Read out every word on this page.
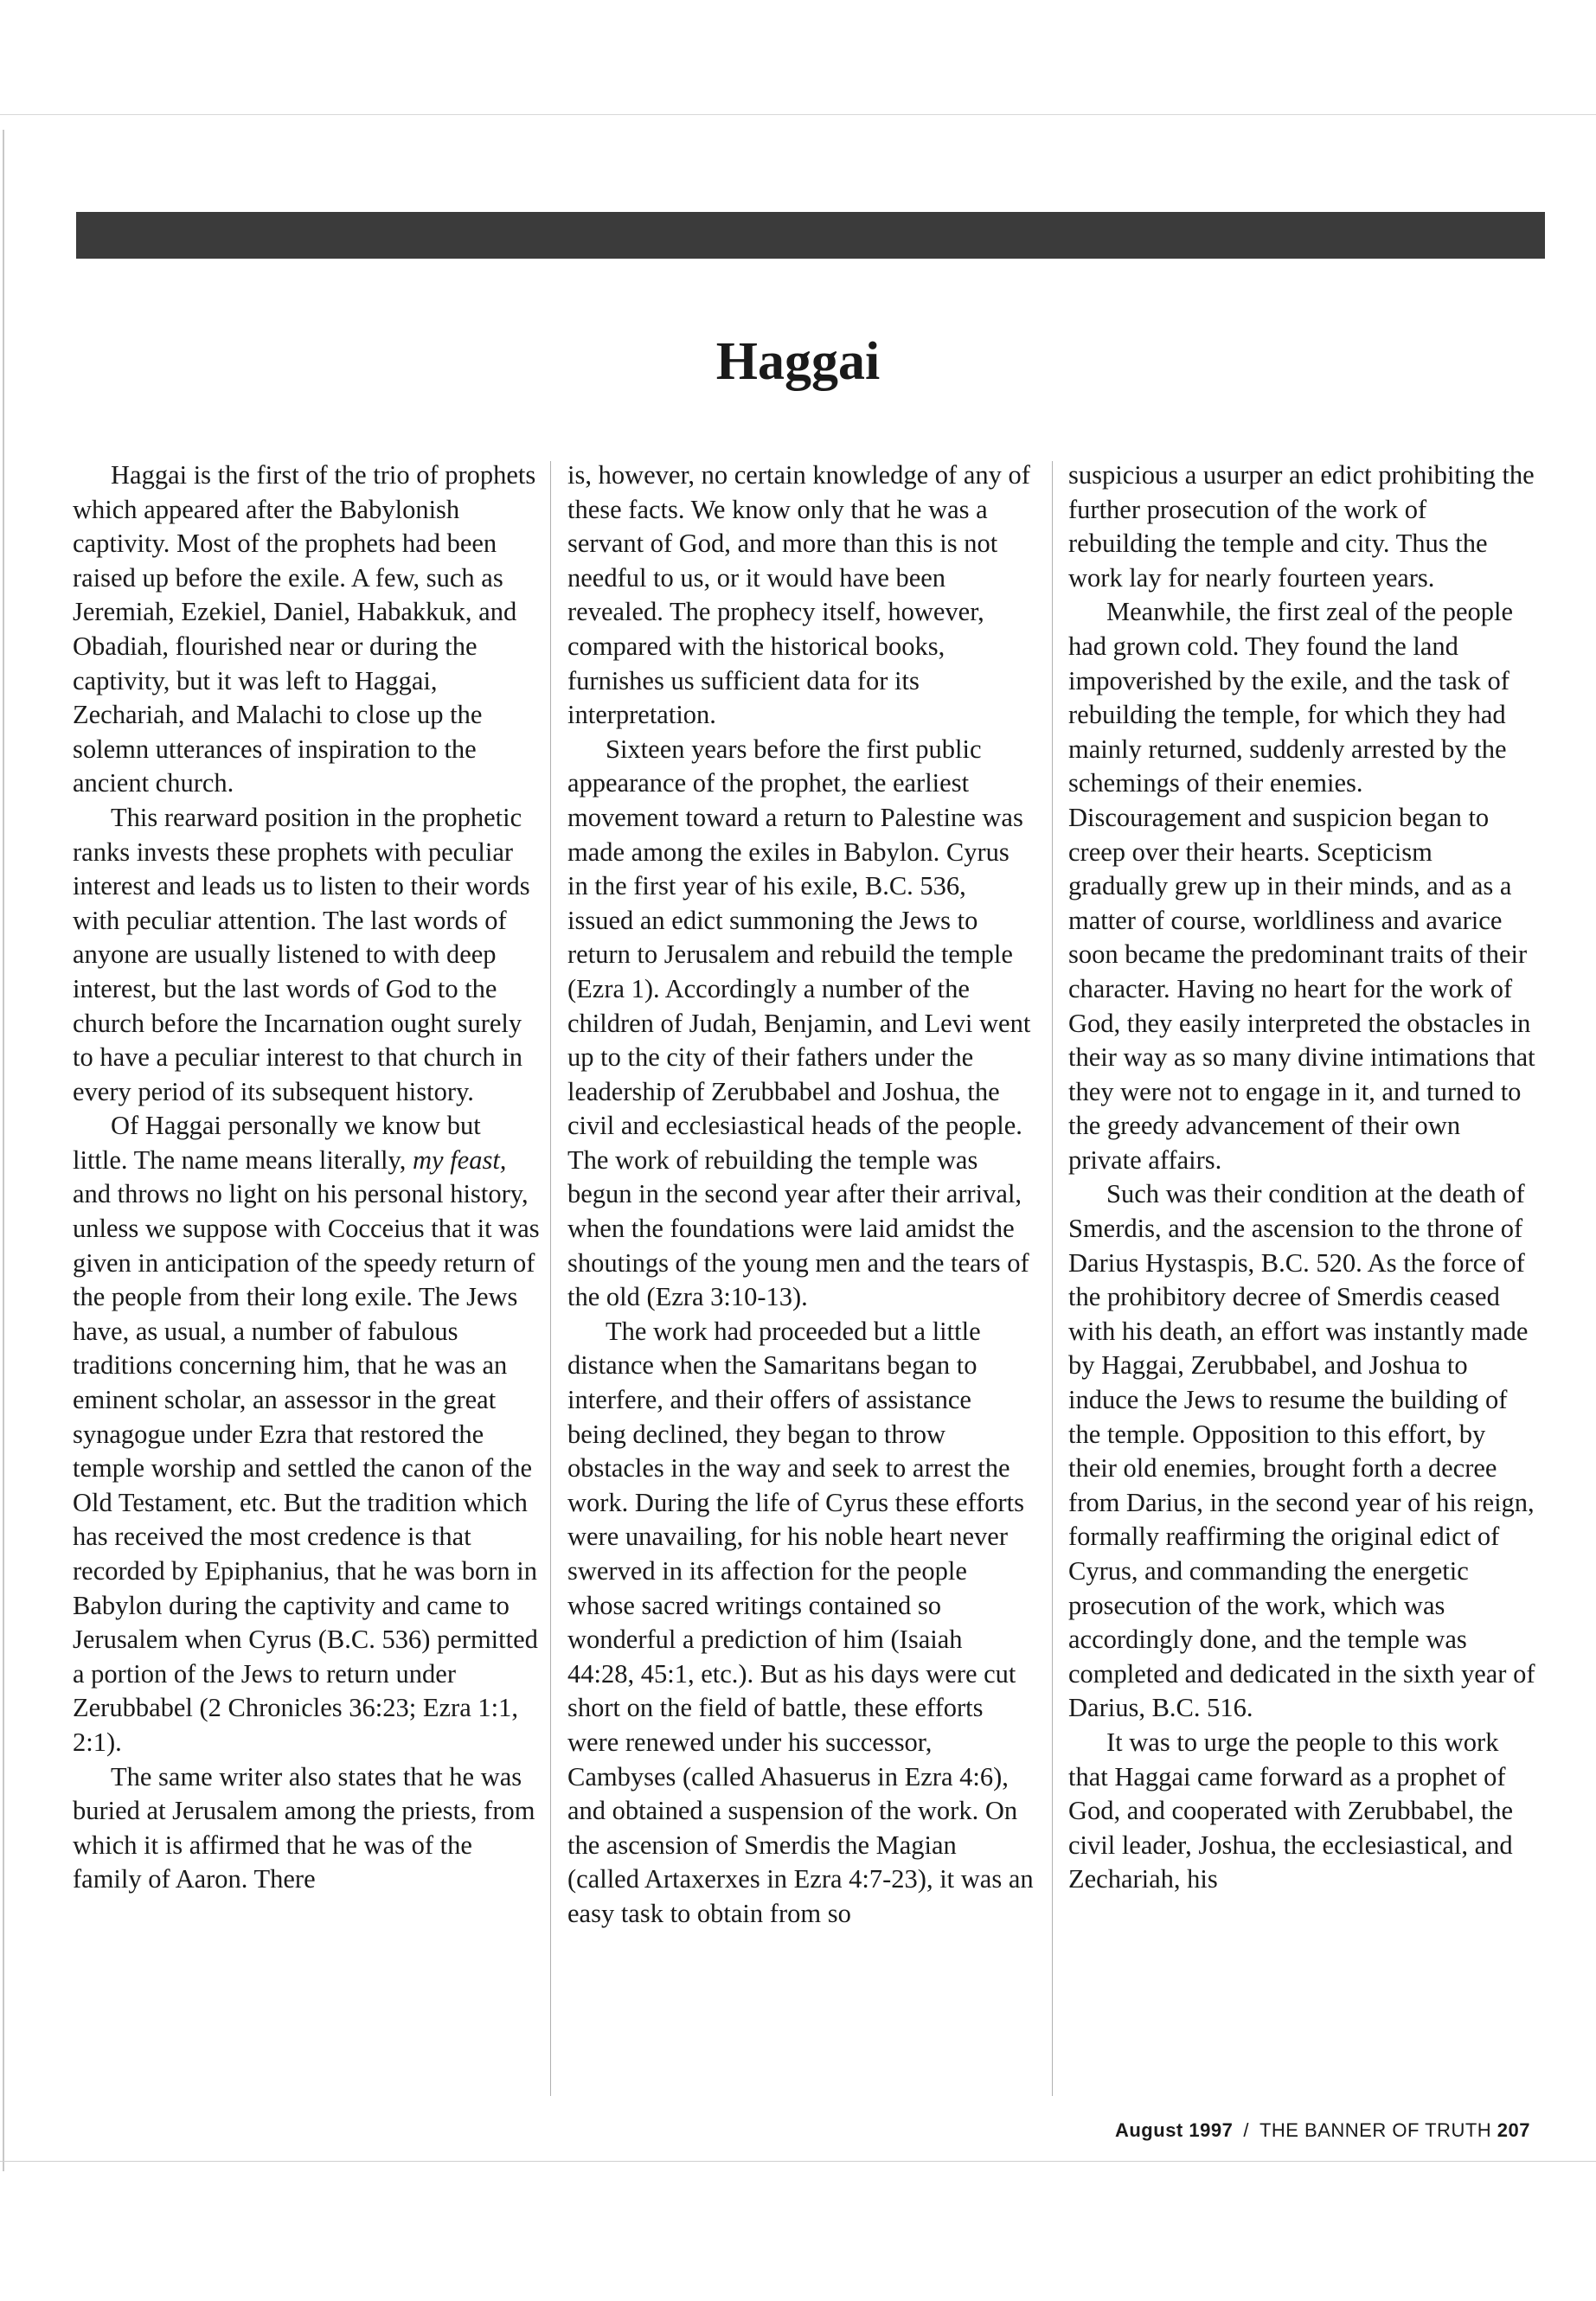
Haggai

Haggai is the first of the trio of prophets which appeared after the Babylonish captivity. Most of the prophets had been raised up before the exile. A few, such as Jeremiah, Ezekiel, Daniel, Habakkuk, and Obadiah, flourished near or during the captivity, but it was left to Haggai, Zechariah, and Malachi to close up the solemn utterances of inspiration to the ancient church.

This rearward position in the prophetic ranks invests these prophets with peculiar interest and leads us to listen to their words with peculiar attention. The last words of anyone are usually listened to with deep interest, but the last words of God to the church before the Incarnation ought surely to have a peculiar interest to that church in every period of its subsequent history.

Of Haggai personally we know but little. The name means literally, my feast, and throws no light on his personal history, unless we suppose with Cocceius that it was given in anticipation of the speedy return of the people from their long exile. The Jews have, as usual, a number of fabulous traditions concerning him, that he was an eminent scholar, an assessor in the great synagogue under Ezra that restored the temple worship and settled the canon of the Old Testament, etc. But the tradition which has received the most credence is that recorded by Epiphanius, that he was born in Babylon during the captivity and came to Jerusalem when Cyrus (B.C. 536) permitted a portion of the Jews to return under Zerubbabel (2 Chronicles 36:23; Ezra 1:1, 2:1).

The same writer also states that he was buried at Jerusalem among the priests, from which it is affirmed that he was of the family of Aaron. There

is, however, no certain knowledge of any of these facts. We know only that he was a servant of God, and more than this is not needful to us, or it would have been revealed. The prophecy itself, however, compared with the historical books, furnishes us sufficient data for its interpretation.

Sixteen years before the first public appearance of the prophet, the earliest movement toward a return to Palestine was made among the exiles in Babylon. Cyrus in the first year of his exile, B.C. 536, issued an edict summoning the Jews to return to Jerusalem and rebuild the temple (Ezra 1). Accordingly a number of the children of Judah, Benjamin, and Levi went up to the city of their fathers under the leadership of Zerubbabel and Joshua, the civil and ecclesiastical heads of the people. The work of rebuilding the temple was begun in the second year after their arrival, when the foundations were laid amidst the shoutings of the young men and the tears of the old (Ezra 3:10-13).

The work had proceeded but a little distance when the Samaritans began to interfere, and their offers of assistance being declined, they began to throw obstacles in the way and seek to arrest the work. During the life of Cyrus these efforts were unavailing, for his noble heart never swerved in its affection for the people whose sacred writings contained so wonderful a prediction of him (Isaiah 44:28, 45:1, etc.). But as his days were cut short on the field of battle, these efforts were renewed under his successor, Cambyses (called Ahasuerus in Ezra 4:6), and obtained a suspension of the work. On the ascension of Smerdis the Magian (called Artaxerxes in Ezra 4:7-23), it was an easy task to obtain from so

suspicious a usurper an edict prohibiting the further prosecution of the work of rebuilding the temple and city. Thus the work lay for nearly fourteen years.

Meanwhile, the first zeal of the people had grown cold. They found the land impoverished by the exile, and the task of rebuilding the temple, for which they had mainly returned, suddenly arrested by the schemings of their enemies. Discouragement and suspicion began to creep over their hearts. Scepticism gradually grew up in their minds, and as a matter of course, worldliness and avarice soon became the predominant traits of their character. Having no heart for the work of God, they easily interpreted the obstacles in their way as so many divine intimations that they were not to engage in it, and turned to the greedy advancement of their own private affairs.

Such was their condition at the death of Smerdis, and the ascension to the throne of Darius Hystaspis, B.C. 520. As the force of the prohibitory decree of Smerdis ceased with his death, an effort was instantly made by Haggai, Zerubbabel, and Joshua to induce the Jews to resume the building of the temple. Opposition to this effort, by their old enemies, brought forth a decree from Darius, in the second year of his reign, formally reaffirming the original edict of Cyrus, and commanding the energetic prosecution of the work, which was accordingly done, and the temple was completed and dedicated in the sixth year of Darius, B.C. 516.

It was to urge the people to this work that Haggai came forward as a prophet of God, and cooperated with Zerubbabel, the civil leader, Joshua, the ecclesiastical, and Zechariah, his

August 1997 / THE BANNER OF TRUTH 207
